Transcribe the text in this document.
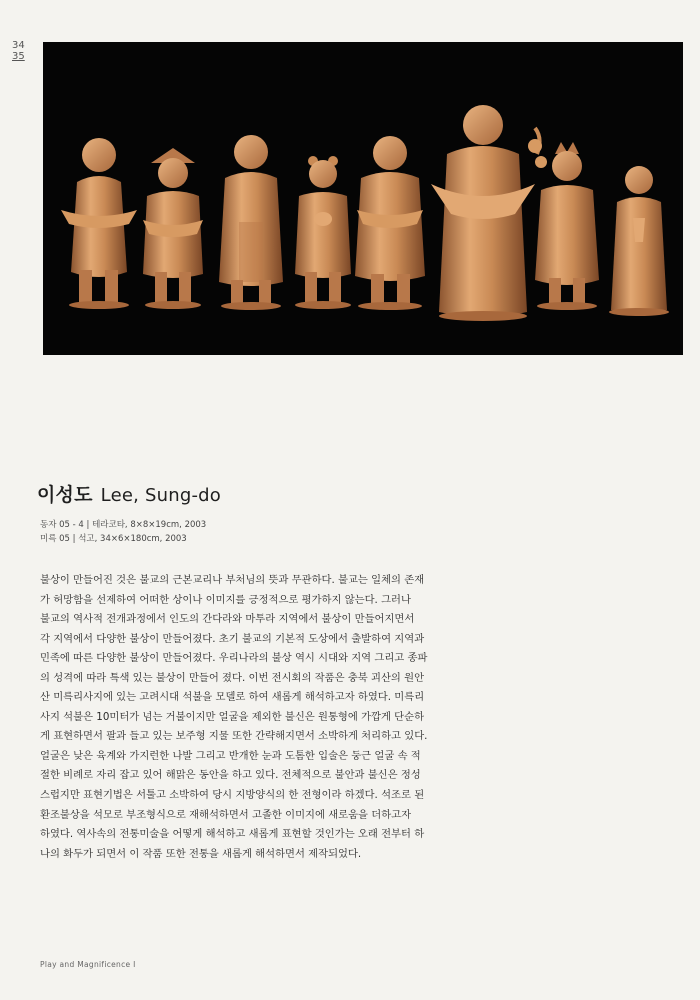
34
35
이성도 Lee, Sung-do
동자 05 - 4 | 테라코타, 8×8×19cm, 2003
미륵 05 | 석고, 34×6×180cm, 2003
불상이 만들어진 것은 불교의 근본교리나 부처님의 뜻과 무관하다. 불교는 일체의 존재
가 허망함을 선제하여 어떠한 상이나 이미지를 긍정적으로 평가하지 않는다. 그러나
불교의 역사적 전개과정에서 인도의 간다라와 마투라 지역에서 불상이 만들어지면서
각 지역에서 다양한 불상이 만들어졌다. 초기 불교의 기본적 도상에서 출발하여 지역과
민족에 따른 다양한 불상이 만들어졌다. 우리나라의 불상 역시 시대와 지역 그리고 종파
의 성격에 따라 특색 있는 불상이 만들어 졌다. 이번 전시회의 작품은 충북 괴산의 원안
산 미륵리사지에 있는 고려시대 석불을 모델로 하여 새롭게 해석하고자 하였다. 미륵리
사지 석불은 10미터가 넘는 거불이지만 얼굴을 제외한 불신은 원통형에 가깝게 단순하
게 표현하면서 팔과 들고 있는 보주형 지물 또한 간략해지면서 소박하게 처리하고 있다.
얼굴은 낮은 육계와 가지런한 나발 그리고 반개한 눈과 도톰한 입술은 둥근 얼굴 속 적
절한 비례로 자리 잡고 있어 해맑은 동안을 하고 있다. 전체적으로 불안과 불신은 정성
스럽지만 표현기법은 서툴고 소박하여 당시 지방양식의 한 전형이라 하겠다. 석조로 된
환조불상을 석모로 부조형식으로 재해석하면서 고졸한 이미지에 새로움을 더하고자
하였다. 역사속의 전통미술을 어떻게 해석하고 새롭게 표현할 것인가는 오래 전부터 하
나의 화두가 되면서 이 작품 또한 전통을 새롭게 해석하면서 제작되었다.
Play and Magnificence I
